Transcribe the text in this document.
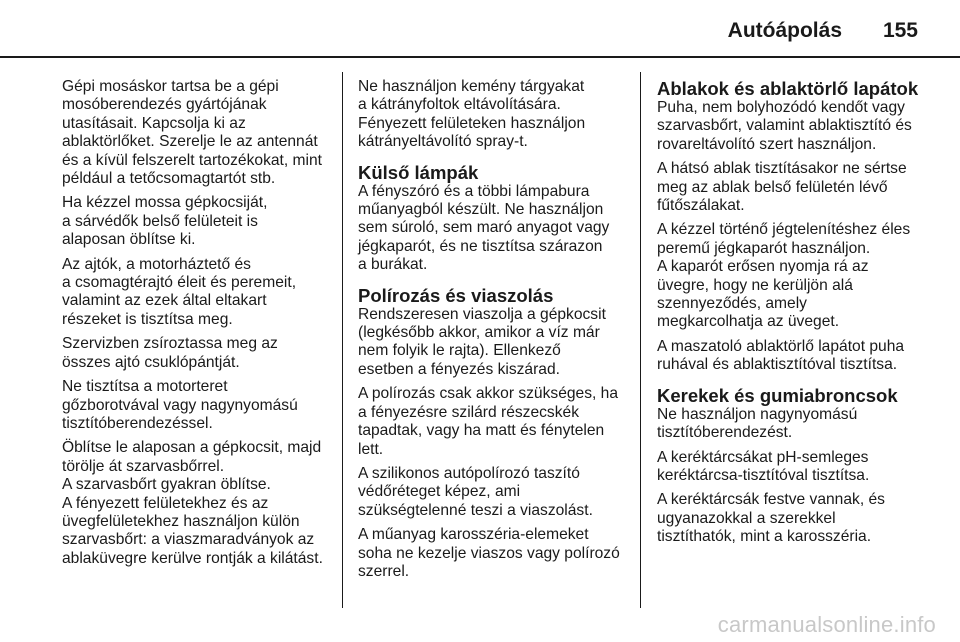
Autóápolás 155

Gépi mosáskor tartsa be a gépi
mosóberendezés gyártójának
utasításait. Kapcsolja ki az
ablaktörlőket. Szerelje le az antennát
és a kívül felszerelt tartozékokat, mint
például a tetőcsomagtartót stb.

Ha kézzel mossa gépkocsiját,
a sárvédők belső felületeit is
alaposan öblítse ki.

Az ajtók, a motorháztető és
a csomagtérajtó éleit és peremeit,
valamint az ezek által eltakart
részeket is tisztítsa meg.

Szervizben zsíroztassa meg az
összes ajtó csuklópántját.

Ne tisztítsa a motorteret
gőzborotvával vagy nagynyomású
tisztítóberendezéssel.

Öblítse le alaposan a gépkocsit, majd
törölje át szarvasbőrrel.
A szarvasbőrt gyakran öblítse.
A fényezett felületekhez és az
üvegfelületekhez használjon külön
szarvasbőrt: a viaszmaradványok az
ablaküvegre kerülve rontják a kilátást.

Ne használjon kemény tárgyakat
a kátrányfoltok eltávolítására.
Fényezett felületeken használjon
kátrányeltávolító spray-t.

Külső lámpák

A fényszóró és a többi lámpabura
műanyagból készült. Ne használjon
sem súroló, sem maró anyagot vagy
jégkaparót, és ne tisztítsa szárazon
a burákat.

Polírozás és viaszolás

Rendszeresen viaszolja a gépkocsit
(legkésőbb akkor, amikor a víz már
nem folyik le rajta). Ellenkező
esetben a fényezés kiszárad.

A polírozás csak akkor szükséges, ha
a fényezésre szilárd részecskék
tapadtak, vagy ha matt és fénytelen
lett.

A szilikonos autópolírozó taszító
védőréteget képez, ami
szükségtelenné teszi a viaszolást.

A műanyag karosszéria-elemeket
soha ne kezelje viaszos vagy polírozó
szerrel.

Ablakok és ablaktörlő lapátok

Puha, nem bolyhozódó kendőt vagy
szarvasbőrt, valamint ablaktisztító és
rovareltávolító szert használjon.

A hátsó ablak tisztításakor ne sértse
meg az ablak belső felületén lévő
fűtőszálakat.

A kézzel történő jégtelenítéshez éles
peremű jégkaparót használjon.
A kaparót erősen nyomja rá az
üvegre, hogy ne kerüljön alá
szennyeződés, amely
megkarcolhatja az üveget.

A maszatoló ablaktörlő lapátot puha
ruhával és ablaktisztítóval tisztítsa.

Kerekek és gumiabroncsok

Ne használjon nagynyomású
tisztítóberendezést.

A keréktárcsákat pH-semleges
keréktárcsa-tisztítóval tisztítsa.

A keréktárcsák festve vannak, és
ugyanazokkal a szerekkel
tisztíthatók, mint a karosszéria.

carmanualsonline.info
